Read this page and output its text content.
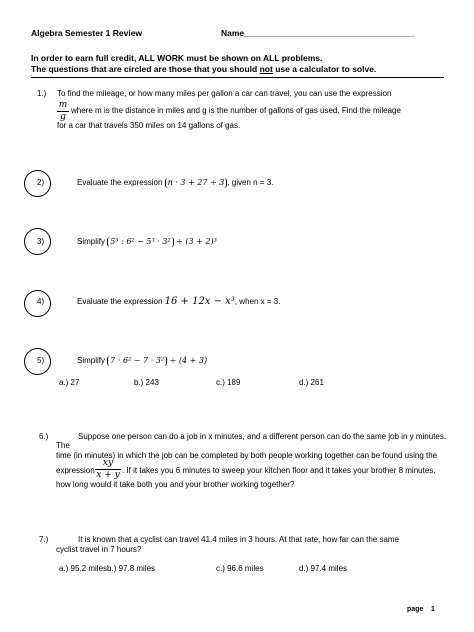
Algebra Semester 1 Review	Name____________________________________
In order to earn full credit, ALL WORK must be shown on ALL problems.
The questions that are circled are those that you should not use a calculator to solve.
1.) To find the mileage, or how many miles per gallon a car can travel, you can use the expression
m
g
where m is the distance in miles and g is the number of gallons of gas used. Find the mileage
for a car that travels 350 miles on 14 gallons of gas.
2)	Evaluate the expression n · 3 + 27 ÷ 3 , given n = 3.
3)	Simplify 5³ : 6² − 5³ · 3² ÷ (3 + 2)³
4)	Evaluate the expression 16 + 12x − x³, when x = 3.
5)	Simplify 7 · 6² − 7 · 3² ÷ (4 + 3)
a.) 27	b.) 243	c.) 189	d.) 261
6.)	Suppose one person can do a job in x minutes, and a different person can do the same job in y minutes.
The
time (in minutes) in which the job can be completed by both people working together can be found using the
expression
xy
x + y . If it takes you 6 minutes to sweep your kitchen floor and it takes your brother 8 minutes,
how long would it take both you and your brother working together?
7.)	It is known that a cyclist can travel 41.4 miles in 3 hours. At that rate, how far can the same
cyclist travel in 7 hours?
a.) 95.2 milesb.) 97.8 miles	c.) 96.6 miles	d.) 97.4 miles
page 1
